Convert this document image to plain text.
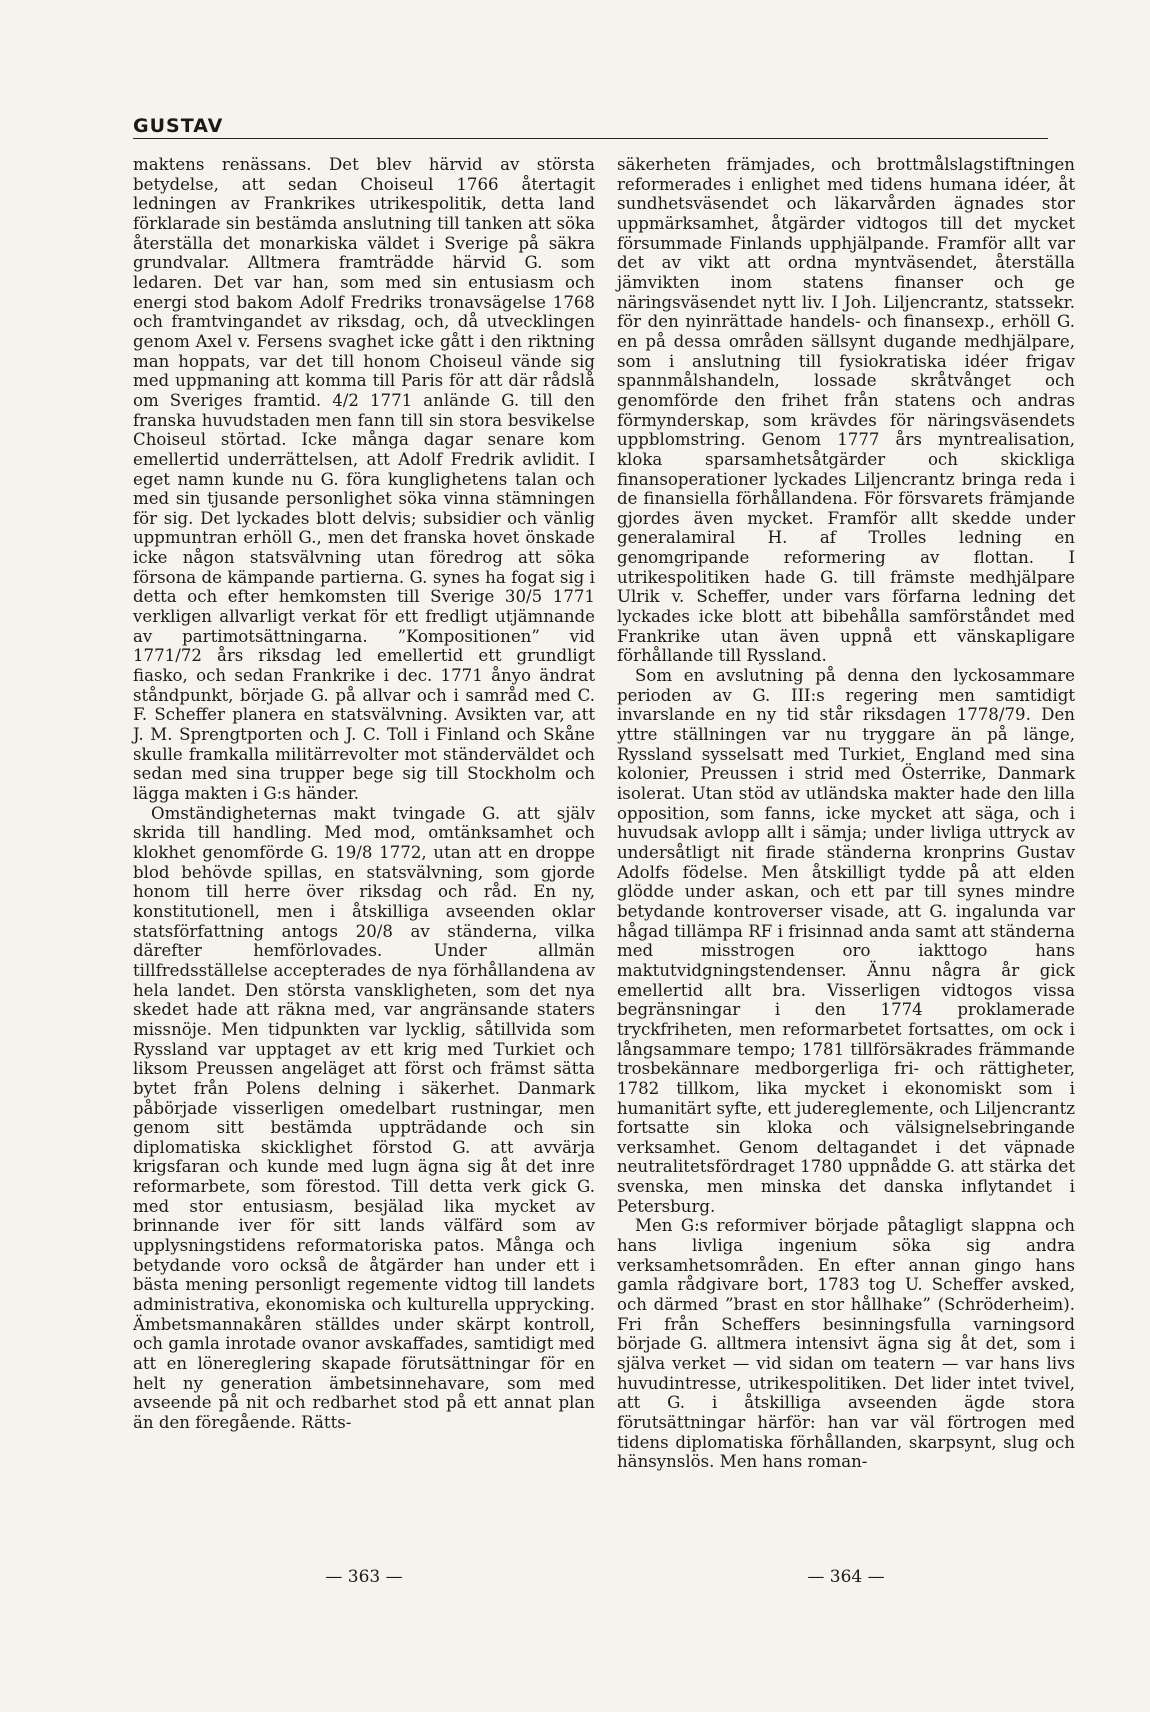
GUSTAV

maktens renässans. Det blev härvid av största betydelse, att sedan Choiseul 1766 återtagit ledningen av Frankrikes utrikespolitik, detta land förklarade sin bestämda anslutning till tanken att söka återställa det monarkiska väldet i Sverige på säkra grundvalar. Alltmera framträdde härvid G. som ledaren. Det var han, som med sin entusiasm och energi stod bakom Adolf Fredriks tronavsägelse 1768 och framtvingandet av riksdag, och, då utvecklingen genom Axel v. Fersens svaghet icke gått i den riktning man hoppats, var det till honom Choiseul vände sig med uppmaning att komma till Paris för att där rådslå om Sveriges framtid. 4/2 1771 anlände G. till den franska huvudstaden men fann till sin stora besvikelse Choiseul störtad. Icke många dagar senare kom emellertid underrättelsen, att Adolf Fredrik avlidit. I eget namn kunde nu G. föra kunglighetens talan och med sin tjusande personlighet söka vinna stämningen för sig. Det lyckades blott delvis; subsidier och vänlig uppmuntran erhöll G., men det franska hovet önskade icke någon statsvälvning utan föredrog att söka försona de kämpande partierna. G. synes ha fogat sig i detta och efter hemkomsten till Sverige 30/5 1771 verkligen allvarligt verkat för ett fredligt utjämnande av partimotsättningarna. ”Kompositionen” vid 1771/72 års riksdag led emellertid ett grundligt fiasko, och sedan Frankrike i dec. 1771 ånyo ändrat ståndpunkt, började G. på allvar och i samråd med C. F. Scheffer planera en statsvälvning. Avsikten var, att J. M. Sprengtporten och J. C. Toll i Finland och Skåne skulle framkalla militärrevolter mot ständerväldet och sedan med sina trupper bege sig till Stockholm och lägga makten i G:s händer.

Omständigheternas makt tvingade G. att själv skrida till handling. Med mod, omtänksamhet och klokhet genomförde G. 19/8 1772, utan att en droppe blod behövde spillas, en statsvälvning, som gjorde honom till herre över riksdag och råd. En ny, konstitutionell, men i åtskilliga avseenden oklar statsförfattning antogs 20/8 av ständerna, vilka därefter hemförlovades. Under allmän tillfredsställelse accepterades de nya förhållandena av hela landet. Den största vanskligheten, som det nya skedet hade att räkna med, var angränsande staters missnöje. Men tidpunkten var lycklig, såtillvida som Ryssland var upptaget av ett krig med Turkiet och liksom Preussen angeläget att först och främst sätta bytet från Polens delning i säkerhet. Danmark påbörjade visserligen omedelbart rustningar, men genom sitt bestämda uppträdande och sin diplomatiska skicklighet förstod G. att avvärja krigsfaran och kunde med lugn ägna sig åt det inre reformarbete, som förestod. Till detta verk gick G. med stor entusiasm, besjälad lika mycket av brinnande iver för sitt lands välfärd som av upplysningstidens reformatoriska patos. Många och betydande voro också de åtgärder han under ett i bästa mening personligt regemente vidtog till landets administrativa, ekonomiska och kulturella upprycking. Ämbetsmannakåren ställdes under skärpt kontroll, och gamla inrotade ovanor avskaffades, samtidigt med att en lönereglering skapade förutsättningar för en helt ny generation ämbetsinnehavare, som med avseende på nit och redbarhet stod på ett annat plan än den föregående. Rätts-

säkerheten främjades, och brottmålslagstiftningen reformerades i enlighet med tidens humana idéer, åt sundhetsväsendet och läkarvården ägnades stor uppmärksamhet, åtgärder vidtogos till det mycket försummade Finlands upphjälpande. Framför allt var det av vikt att ordna myntväsendet, återställa jämvikten inom statens finanser och ge näringsväsendet nytt liv. I Joh. Liljencrantz, statssekr. för den nyinrättade handels- och finansexp., erhöll G. en på dessa områden sällsynt dugande medhjälpare, som i anslutning till fysiokratiska idéer frigav spannmålshandeln, lossade skråtvånget och genomförde den frihet från statens och andras förmynderskap, som krävdes för näringsväsendets uppblomstring. Genom 1777 års myntrealisation, kloka sparsamhetsåtgärder och skickliga finansoperationer lyckades Liljencrantz bringa reda i de finansiella förhållandena. För försvarets främjande gjordes även mycket. Framför allt skedde under generalamiral H. af Trolles ledning en genomgripande reformering av flottan. I utrikespolitiken hade G. till främste medhjälpare Ulrik v. Scheffer, under vars förfarna ledning det lyckades icke blott att bibehålla samförståndet med Frankrike utan även uppnå ett vänskapligare förhållande till Ryssland.

Som en avslutning på denna den lyckosammare perioden av G. III:s regering men samtidigt invarslande en ny tid står riksdagen 1778/79. Den yttre ställningen var nu tryggare än på länge, Ryssland sysselsatt med Turkiet, England med sina kolonier, Preussen i strid med Österrike, Danmark isolerat. Utan stöd av utländska makter hade den lilla opposition, som fanns, icke mycket att säga, och i huvudsak avlopp allt i sämja; under livliga uttryck av undersåtligt nit firade ständerna kronprins Gustav Adolfs födelse. Men åtskilligt tydde på att elden glödde under askan, och ett par till synes mindre betydande kontroverser visade, att G. ingalunda var hågad tillämpa RF i frisinnad anda samt att ständerna med misstrogen oro iakttogo hans maktutvidgningstendenser. Ännu några år gick emellertid allt bra. Visserligen vidtogos vissa begränsningar i den 1774 proklamerade tryckfriheten, men reformarbetet fortsattes, om ock i långsammare tempo; 1781 tillförsäkrades främmande trosbekännare medborgerliga fri- och rättigheter, 1782 tillkom, lika mycket i ekonomiskt som i humanitärt syfte, ett judereglemente, och Liljencrantz fortsatte sin kloka och välsignelsebringande verksamhet. Genom deltagandet i det väpnade neutralitetsfördraget 1780 uppnådde G. att stärka det svenska, men minska det danska inflytandet i Petersburg.

Men G:s reformiver började påtagligt slappna och hans livliga ingenium söka sig andra verksamhetsområden. En efter annan gingo hans gamla rådgivare bort, 1783 tog U. Scheffer avsked, och därmed ”brast en stor hållhake” (Schröderheim). Fri från Scheffers besinningsfulla varningsord började G. alltmera intensivt ägna sig åt det, som i själva verket — vid sidan om teatern — var hans livs huvudintresse, utrikespolitiken. Det lider intet tvivel, att G. i åtskilliga avseenden ägde stora förutsättningar härför: han var väl förtrogen med tidens diplomatiska förhållanden, skarpsynt, slug och hänsynslös. Men hans roman-

— 363 —	— 364 —
